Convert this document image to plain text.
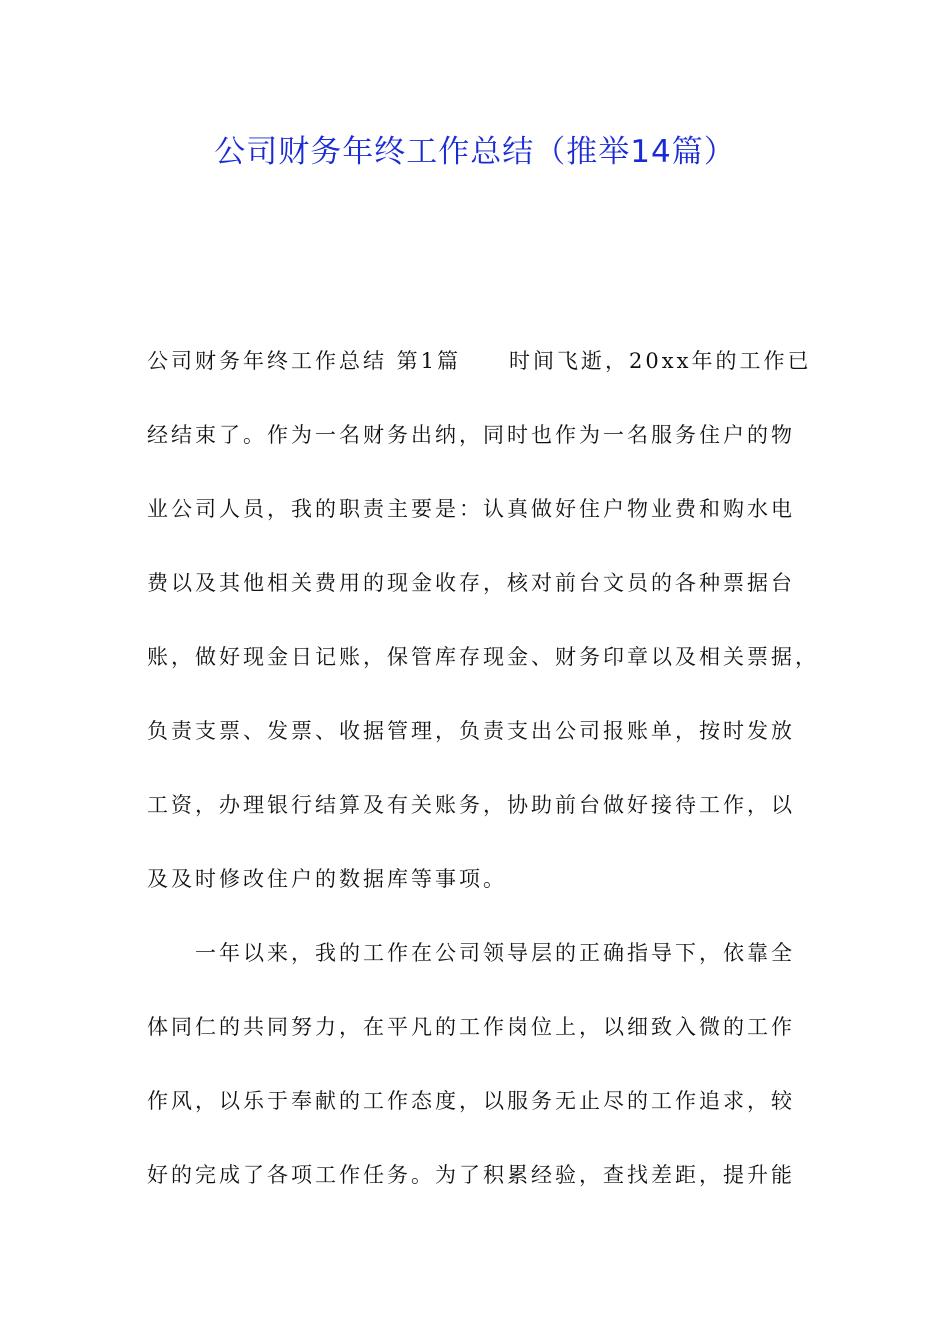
公司财务年终工作总结（推举14篇）
公司财务年终工作总结 第1篇 时间飞逝，20xx年的工作已
经结束了。作为一名财务出纳，同时也作为一名服务住户的物
业公司人员，我的职责主要是：认真做好住户物业费和购水电
费以及其他相关费用的现金收存，核对前台文员的各种票据台
账，做好现金日记账，保管库存现金、财务印章以及相关票据，
负责支票、发票、收据管理，负责支出公司报账单，按时发放
工资，办理银行结算及有关账务，协助前台做好接待工作，以
及及时修改住户的数据库等事项。
　　一年以来，我的工作在公司领导层的正确指导下，依靠全
体同仁的共同努力，在平凡的工作岗位上，以细致入微的工作
作风，以乐于奉献的工作态度，以服务无止尽的工作追求，较
好的完成了各项工作任务。为了积累经验，查找差距，提升能
